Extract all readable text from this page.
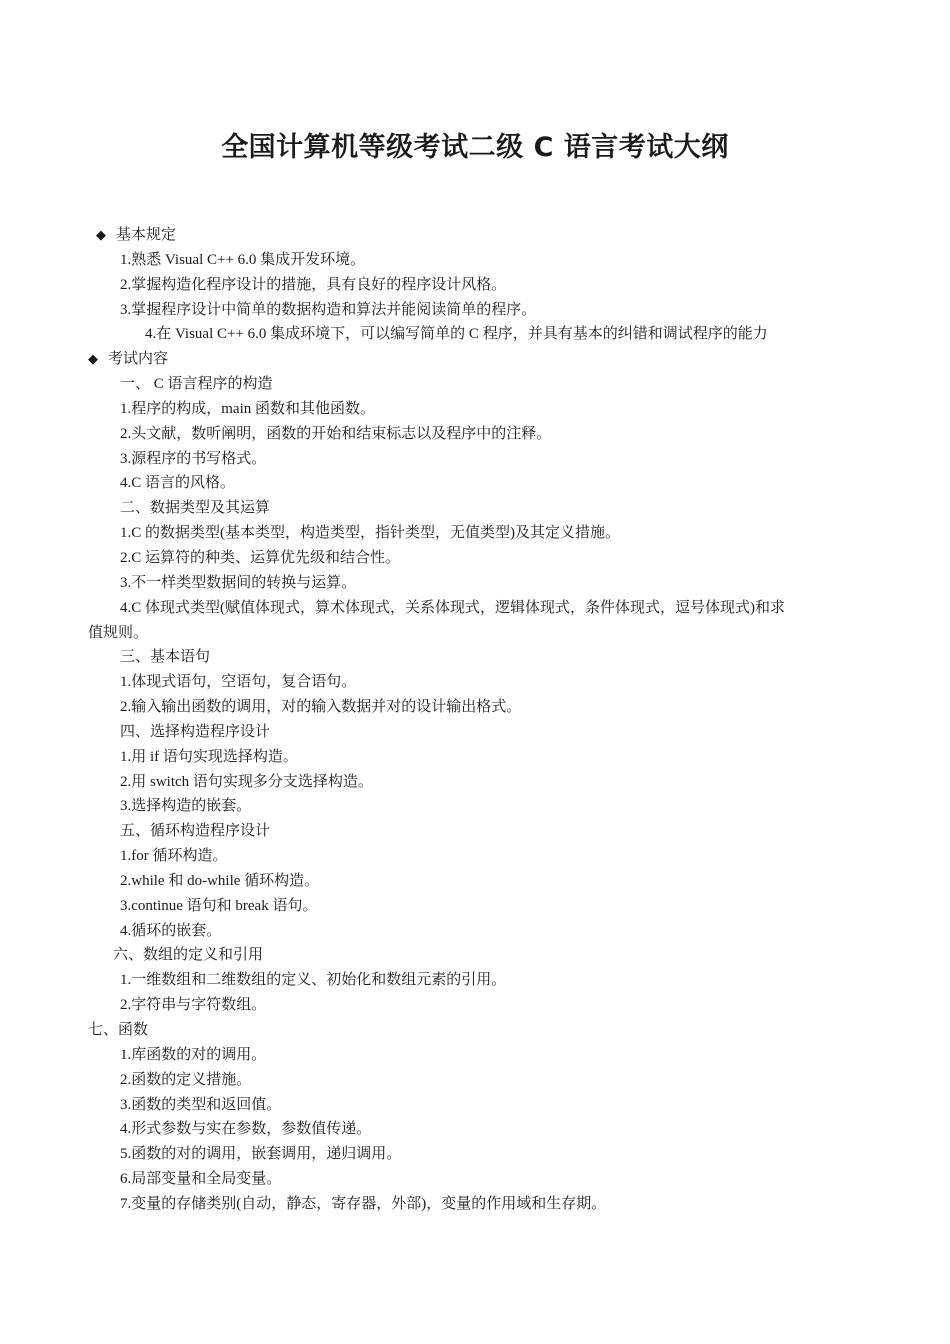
全国计算机等级考试二级 C 语言考试大纲
◆ 基本规定
1.熟悉 Visual C++ 6.0 集成开发环境。
2.掌握构造化程序设计的措施，具有良好的程序设计风格。
3.掌握程序设计中简单的数据构造和算法并能阅读简单的程序。
4.在 Visual C++ 6.0 集成环境下，可以编写简单的 C 程序，并具有基本的纠错和调试程序的能力
◆ 考试内容
一、 C 语言程序的构造
1.程序的构成，main 函数和其他函数。
2.头文献，数听阐明，函数的开始和结束标志以及程序中的注释。
3.源程序的书写格式。
4.C 语言的风格。
二、数据类型及其运算
1.C 的数据类型(基本类型，构造类型，指针类型，无值类型)及其定义措施。
2.C 运算符的种类、运算优先级和结合性。
3.不一样类型数据间的转换与运算。
4.C 体现式类型(赋值体现式，算术体现式，关系体现式，逻辑体现式，条件体现式，逗号体现式)和求
值规则。
三、基本语句
1.体现式语句，空语句，复合语句。
2.输入输出函数的调用，对的输入数据并对的设计输出格式。
四、选择构造程序设计
1.用 if 语句实现选择构造。
2.用 switch 语句实现多分支选择构造。
3.选择构造的嵌套。
五、循环构造程序设计
1.for 循环构造。
2.while 和 do-while 循环构造。
3.continue 语句和 break 语句。
4.循环的嵌套。
六、数组的定义和引用
1.一维数组和二维数组的定义、初始化和数组元素的引用。
2.字符串与字符数组。
七、函数
1.库函数的对的调用。
2.函数的定义措施。
3.函数的类型和返回值。
4.形式参数与实在参数，参数值传递。
5.函数的对的调用，嵌套调用，递归调用。
6.局部变量和全局变量。
7.变量的存储类别(自动，静态，寄存器，外部)，变量的作用域和生存期。
